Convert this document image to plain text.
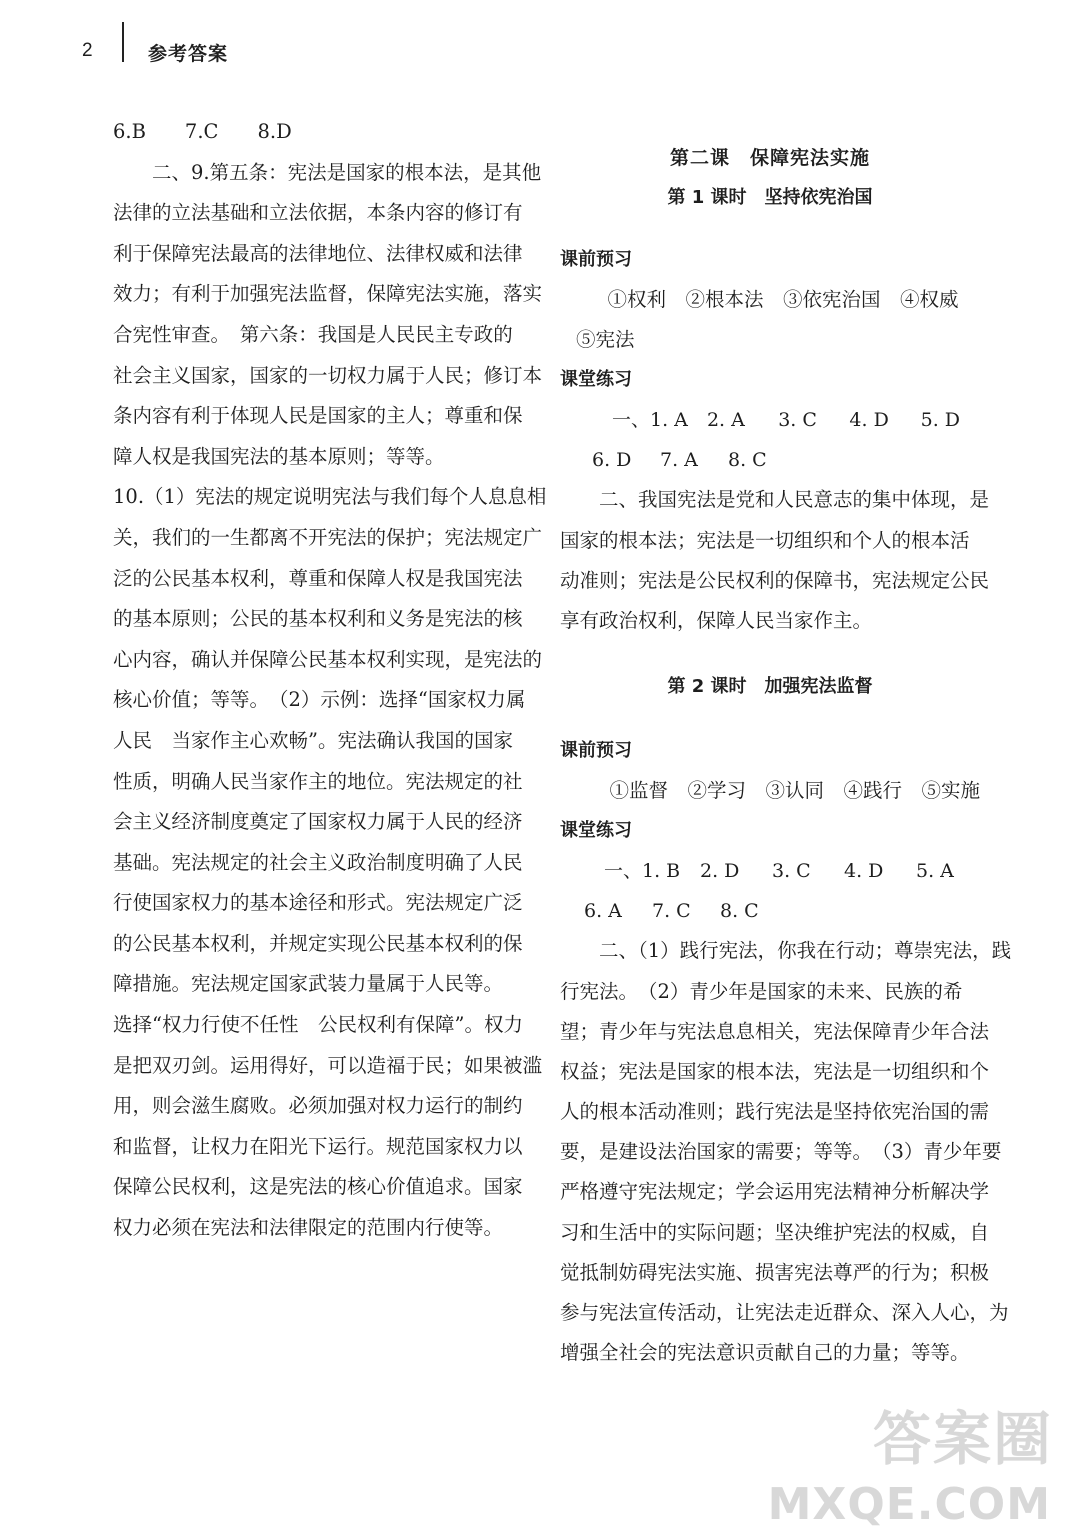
2	参考答案
6.B　　7.C　　8.D
　　二、9.第五条：宪法是国家的根本法，是其他
法律的立法基础和立法依据，本条内容的修订有
利于保障宪法最高的法律地位、法律权威和法律
效力；有利于加强宪法监督，保障宪法实施，落实
合宪性审查。　第六条：我国是人民民主专政的
社会主义国家，国家的一切权力属于人民；修订本
条内容有利于体现人民是国家的主人；尊重和保
障人权是我国宪法的基本原则；等等。
10.（1）宪法的规定说明宪法与我们每个人息息相
关，我们的一生都离不开宪法的保护；宪法规定广
泛的公民基本权利，尊重和保障人权是我国宪法
的基本原则；公民的基本权利和义务是宪法的核
心内容，确认并保障公民基本权利实现，是宪法的
核心价值；等等。　（2）示例：选择“国家权力属
人民　当家作主心欢畅”。宪法确认我国的国家
性质，明确人民当家作主的地位。宪法规定的社
会主义经济制度奠定了国家权力属于人民的经济
基础。宪法规定的社会主义政治制度明确了人民
行使国家权力的基本途径和形式。宪法规定广泛
的公民基本权利，并规定实现公民基本权利的保
障措施。宪法规定国家武装力量属于人民等。
选择“权力行使不任性　公民权利有保障”。权力
是把双刃剑。运用得好，可以造福于民；如果被滥
用，则会滋生腐败。必须加强对权力运行的制约
和监督，让权力在阳光下运行。规范国家权力以
保障公民权利，这是宪法的核心价值追求。国家
权力必须在宪法和法律限定的范围内行使等。
第二课　保障宪法实施
第 1 课时　坚持依宪治国
课前预习
　①权利　②根本法　③依宪治国　④权威
⑤宪法
课堂练习
一、1. A	2. A	3. C	4. D	5. D
6. D	7. A	8. C
　　二、我国宪法是党和人民意志的集中体现，是
国家的根本法；宪法是一切组织和个人的根本活
动准则；宪法是公民权利的保障书，宪法规定公民
享有政治权利，保障人民当家作主。
第 2 课时　加强宪法监督
课前预习
　①监督　②学习　③认同　④践行　⑤实施
课堂练习
一、1. B	2. D	3. C	4. D	5. A
6. A	7. C	8. C
　　二、（1）践行宪法，你我在行动；尊崇宪法，践
行宪法。　（2）青少年是国家的未来、民族的希
望；青少年与宪法息息相关，宪法保障青少年合法
权益；宪法是国家的根本法，宪法是一切组织和个
人的根本活动准则；践行宪法是坚持依宪治国的需
要，是建设法治国家的需要；等等。　（3）青少年要
严格遵守宪法规定；学会运用宪法精神分析解决学
习和生活中的实际问题；坚决维护宪法的权威，自
觉抵制妨碍宪法实施、损害宪法尊严的行为；积极
参与宪法宣传活动，让宪法走近群众、深入人心，为
增强全社会的宪法意识贡献自己的力量；等等。
答案圈
MXQE.COM
